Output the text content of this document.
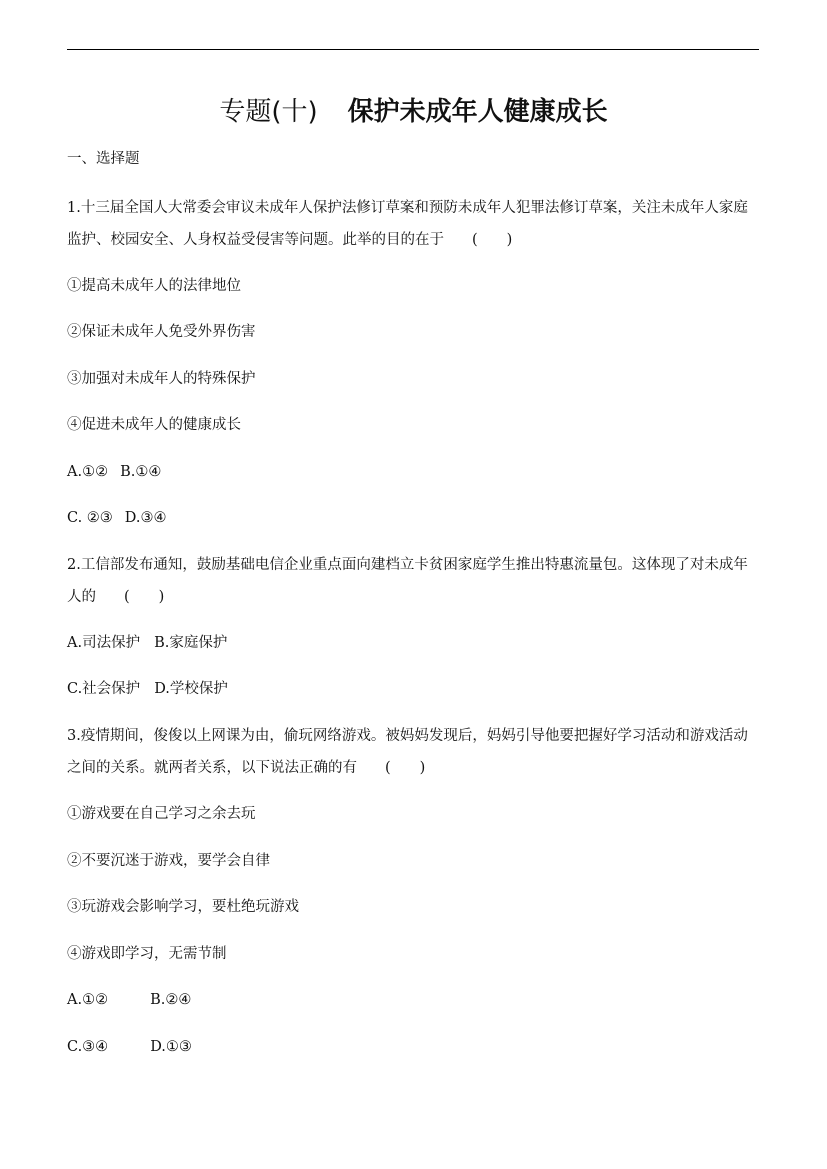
专题(十) 保护未成年人健康成长
一、选择题
1.十三届全国人大常委会审议未成年人保护法修订草案和预防未成年人犯罪法修订草案，关注未成年人家庭
监护、校园安全、人身权益受侵害等问题。此举的目的在于 (　　)
①提高未成年人的法律地位
②保证未成年人免受外界伤害
③加强对未成年人的特殊保护
④促进未成年人的健康成长
A.①② B.①④
C. ②③ D.③④
2.工信部发布通知，鼓励基础电信企业重点面向建档立卡贫困家庭学生推出特惠流量包。这体现了对未成年
人的 (　　)
A.司法保护 B.家庭保护
C.社会保护 D.学校保护
3.疫情期间，俊俊以上网课为由，偷玩网络游戏。被妈妈发现后，妈妈引导他要把握好学习活动和游戏活动
之间的关系。就两者关系，以下说法正确的有 (　　)
①游戏要在自己学习之余去玩
②不要沉迷于游戏，要学会自律
③玩游戏会影响学习，要杜绝玩游戏
④游戏即学习，无需节制
A.①②	B.②④
C.③④	D.①③
